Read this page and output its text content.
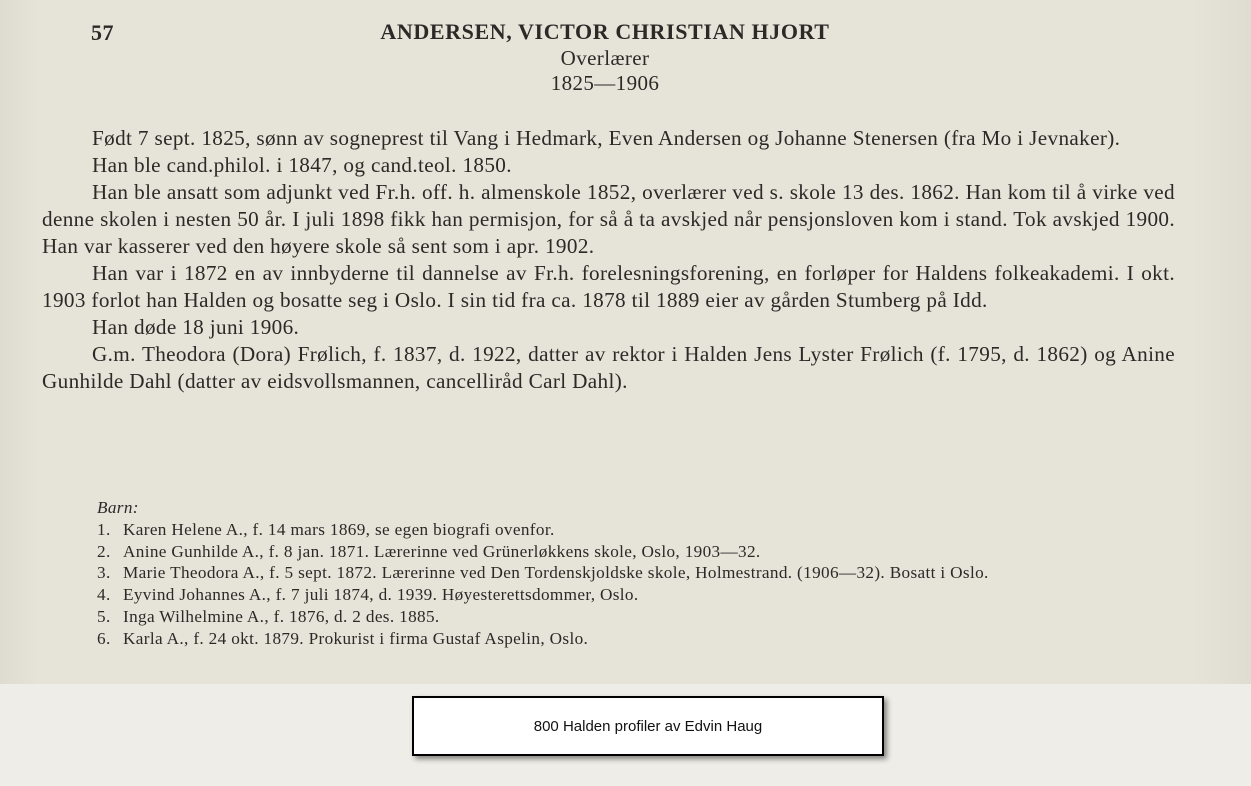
57	ANDERSEN, VICTOR CHRISTIAN HJORT
Overlærer
1825—1906

Født 7 sept. 1825, sønn av sogneprest til Vang i Hedmark, Even Andersen og Johanne Stenersen (fra Mo i Jevnaker).

Han ble cand.philol. i 1847, og cand.teol. 1850.

Han ble ansatt som adjunkt ved Fr.h. off. h. almenskole 1852, overlærer ved s. skole 13 des. 1862. Han kom til å virke ved denne skolen i nesten 50 år. I juli 1898 fikk han permisjon, for så å ta avskjed når pensjonsloven kom i stand. Tok avskjed 1900. Han var kasserer ved den høyere skole så sent som i apr. 1902.

Han var i 1872 en av innbyderne til dannelse av Fr.h. forelesningsforening, en forløper for Haldens folkeakademi. I okt. 1903 forlot han Halden og bosatte seg i Oslo. I sin tid fra ca. 1878 til 1889 eier av gården Stumberg på Idd.

Han døde 18 juni 1906.

G.m. Theodora (Dora) Frølich, f. 1837, d. 1922, datter av rektor i Halden Jens Lyster Frølich (f. 1795, d. 1862) og Anine Gunhilde Dahl (datter av eidsvollsmannen, cancelliråd Carl Dahl).

Barn:

1. Karen Helene A., f. 14 mars 1869, se egen biografi ovenfor.
2. Anine Gunhilde A., f. 8 jan. 1871. Lærerinne ved Grünerløkkens skole, Oslo, 1903—32.
3. Marie Theodora A., f. 5 sept. 1872. Lærerinne ved Den Tordenskjoldske skole, Holmestrand. (1906—32). Bosatt i Oslo.
4. Eyvind Johannes A., f. 7 juli 1874, d. 1939. Høyesterettsdommer, Oslo.
5. Inga Wilhelmine A., f. 1876, d. 2 des. 1885.
6. Karla A., f. 24 okt. 1879. Prokurist i firma Gustaf Aspelin, Oslo.
800 Halden profiler av Edvin Haug
